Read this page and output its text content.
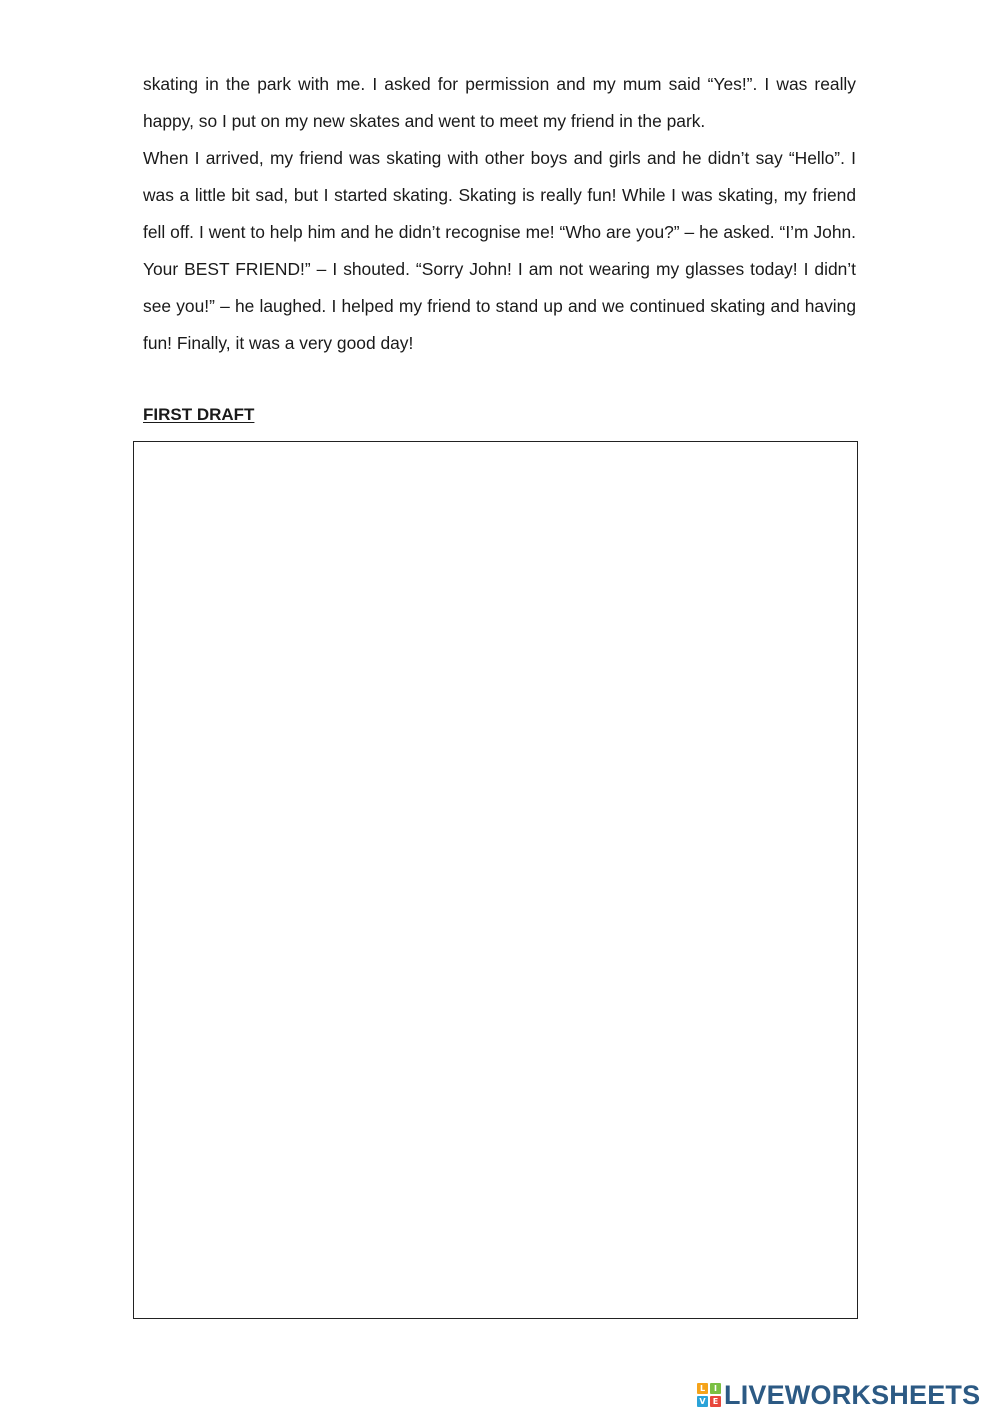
skating in the park with me. I asked for permission and my mum said “Yes!”. I was really happy, so I put on my new skates and went to meet my friend in the park.

When I arrived, my friend was skating with other boys and girls and he didn’t say “Hello”. I was a little bit sad, but I started skating. Skating is really fun! While I was skating, my friend fell off. I went to help him and he didn’t recognise me! “Who are you?” – he asked. “I’m John. Your BEST FRIEND!” – I shouted. “Sorry John! I am not wearing my glasses today! I didn’t see you!” – he laughed. I helped my friend to stand up and we continued skating and having fun! Finally, it was a very good day!

FIRST DRAFT
L	I
V E LIVEWORKSHEETS
